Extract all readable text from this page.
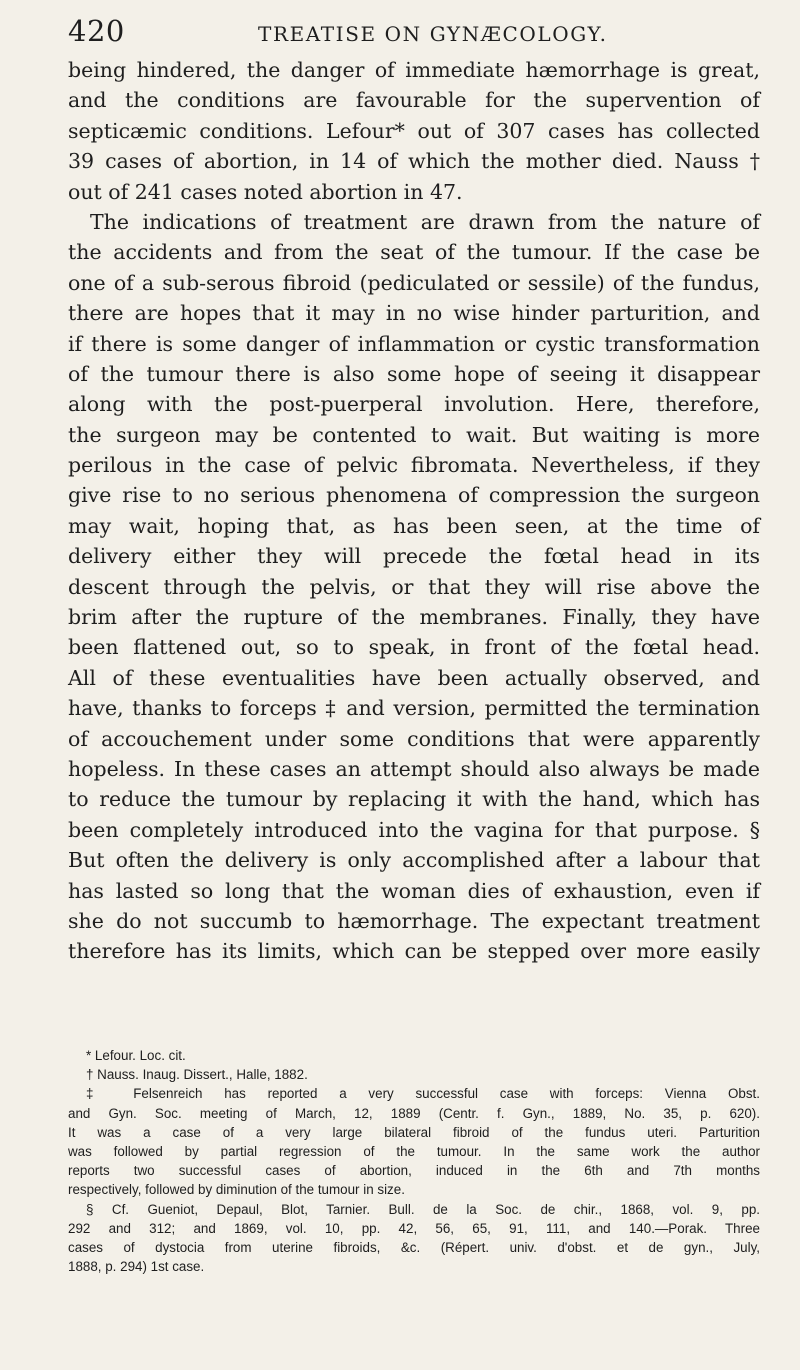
420	TREATISE ON GYNÆCOLOGY.
being hindered, the danger of immediate hæmorrhage is great,
and the conditions are favourable for the supervention of
septicæmic conditions. Lefour* out of 307 cases has collected
39 cases of abortion, in 14 of which the mother died. Nauss †
out of 241 cases noted abortion in 47.
The indications of treatment are drawn from the nature of
the accidents and from the seat of the tumour. If the case be
one of a sub-serous fibroid (pediculated or sessile) of the fundus,
there are hopes that it may in no wise hinder parturition, and
if there is some danger of inflammation or cystic transformation
of the tumour there is also some hope of seeing it disappear
along with the post-puerperal involution. Here, therefore,
the surgeon may be contented to wait. But waiting is more
perilous in the case of pelvic fibromata. Nevertheless, if they
give rise to no serious phenomena of compression the surgeon
may wait, hoping that, as has been seen, at the time of
delivery either they will precede the fœtal head in its
descent through the pelvis, or that they will rise above the
brim after the rupture of the membranes. Finally, they have
been flattened out, so to speak, in front of the fœtal head.
All of these eventualities have been actually observed, and
have, thanks to forceps ‡ and version, permitted the termination
of accouchement under some conditions that were apparently
hopeless. In these cases an attempt should also always be made
to reduce the tumour by replacing it with the hand, which has
been completely introduced into the vagina for that purpose. §
But often the delivery is only accomplished after a labour that
has lasted so long that the woman dies of exhaustion, even if
she do not succumb to hæmorrhage. The expectant treatment
therefore has its limits, which can be stepped over more easily
* Lefour. Loc. cit.
† Nauss. Inaug. Dissert., Halle, 1882.
‡ Felsenreich has reported a very successful case with forceps: Vienna Obst.
and Gyn. Soc. meeting of March, 12, 1889 (Centr. f. Gyn., 1889, No. 35, p. 620).
It was a case of a very large bilateral fibroid of the fundus uteri. Parturition
was followed by partial regression of the tumour. In the same work the author
reports two successful cases of abortion, induced in the 6th and 7th months
respectively, followed by diminution of the tumour in size.
§ Cf. Gueniot, Depaul, Blot, Tarnier. Bull. de la Soc. de chir., 1868, vol. 9, pp.
292 and 312; and 1869, vol. 10, pp. 42, 56, 65, 91, 111, and 140.—Porak. Three
cases of dystocia from uterine fibroids, &c. (Répert. univ. d'obst. et de gyn., July,
1888, p. 294) 1st case.
